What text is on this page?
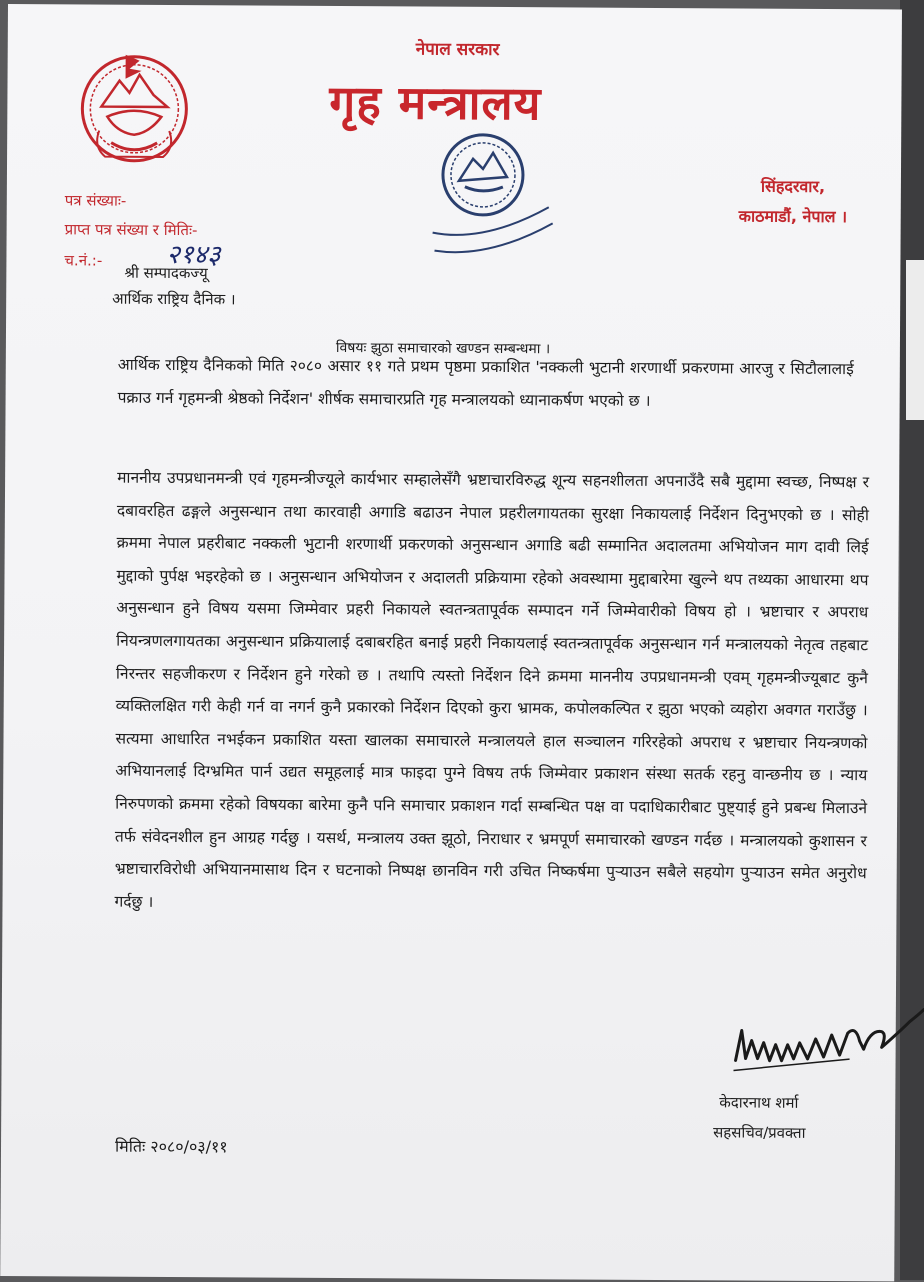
नेपाल सरकार
गृह मन्त्रालय
पत्र संख्याः-
प्राप्त पत्र संख्या र मितिः-
च.नं.:- २१४३
सिंहदरवार,
काठमाडौं, नेपाल ।
श्री सम्पादकज्यू
आर्थिक राष्ट्रिय दैनिक ।
विषयः झुठा समाचारको खण्डन सम्बन्धमा ।
आर्थिक राष्ट्रिय दैनिकको मिति २०८० असार ११ गते प्रथम पृष्ठमा प्रकाशित 'नक्कली भुटानी शरणार्थी प्रकरणमा आरजु र सिटौलालाई पक्राउ गर्न गृहमन्त्री श्रेष्ठको निर्देशन' शीर्षक समाचारप्रति गृह मन्त्रालयको ध्यानाकर्षण भएको छ ।
माननीय उपप्रधानमन्त्री एवं गृहमन्त्रीज्यूले कार्यभार सम्हालेसँगै भ्रष्टाचारविरुद्ध शून्य सहनशीलता अपनाउँदै सबै मुद्दामा स्वच्छ, निष्पक्ष र दबावरहित ढङ्गले अनुसन्धान तथा कारवाही अगाडि बढाउन नेपाल प्रहरीलगायतका सुरक्षा निकायलाई निर्देशन दिनुभएको छ । सोही क्रममा नेपाल प्रहरीबाट नक्कली भुटानी शरणार्थी प्रकरणको अनुसन्धान अगाडि बढी सम्मानित अदालतमा अभियोजन माग दावी लिई मुद्दाको पुर्पक्ष भइरहेको छ । अनुसन्धान अभियोजन र अदालती प्रक्रियामा रहेको अवस्थामा मुद्दाबारेमा खुल्ने थप तथ्यका आधारमा थप अनुसन्धान हुने विषय यसमा जिम्मेवार प्रहरी निकायले स्वतन्त्रतापूर्वक सम्पादन गर्ने जिम्मेवारीको विषय हो । भ्रष्टाचार र अपराध नियन्त्रणलगायतका अनुसन्धान प्रक्रियालाई दबाबरहित बनाई प्रहरी निकायलाई स्वतन्त्रतापूर्वक अनुसन्धान गर्न मन्त्रालयको नेतृत्व तहबाट निरन्तर सहजीकरण र निर्देशन हुने गरेको छ । तथापि त्यस्तो निर्देशन दिने क्रममा माननीय उपप्रधानमन्त्री एवम् गृहमन्त्रीज्यूबाट कुनै व्यक्तिलक्षित गरी केही गर्न वा नगर्न कुनै प्रकारको निर्देशन दिएको कुरा भ्रामक, कपोलकल्पित र झुठा भएको व्यहोरा अवगत गराउँछु । सत्यमा आधारित नभईकन प्रकाशित यस्ता खालका समाचारले मन्त्रालयले हाल सञ्चालन गरिरहेको अपराध र भ्रष्टाचार नियन्त्रणको अभियानलाई दिग्भ्रमित पार्न उद्यत समूहलाई मात्र फाइदा पुग्ने विषय तर्फ जिम्मेवार प्रकाशन संस्था सतर्क रहनु वान्छनीय छ । न्याय निरुपणको क्रममा रहेको विषयका बारेमा कुनै पनि समाचार प्रकाशन गर्दा सम्बन्धित पक्ष वा पदाधिकारीबाट पुष्ट्याई हुने प्रबन्ध मिलाउने तर्फ संवेदनशील हुन आग्रह गर्दछु । यसर्थ, मन्त्रालय उक्त झूठो, निराधार र भ्रमपूर्ण समाचारको खण्डन गर्दछ । मन्त्रालयको कुशासन र भ्रष्टाचारविरोधी अभियानमासाथ दिन र घटनाको निष्पक्ष छानविन गरी उचित निष्कर्षमा पुऱ्याउन सबैले सहयोग पुऱ्याउन समेत अनुरोध गर्दछु ।
केदारनाथ शर्मा
सहसचिव/प्रवक्ता
मितिः २०८०/०३/११
